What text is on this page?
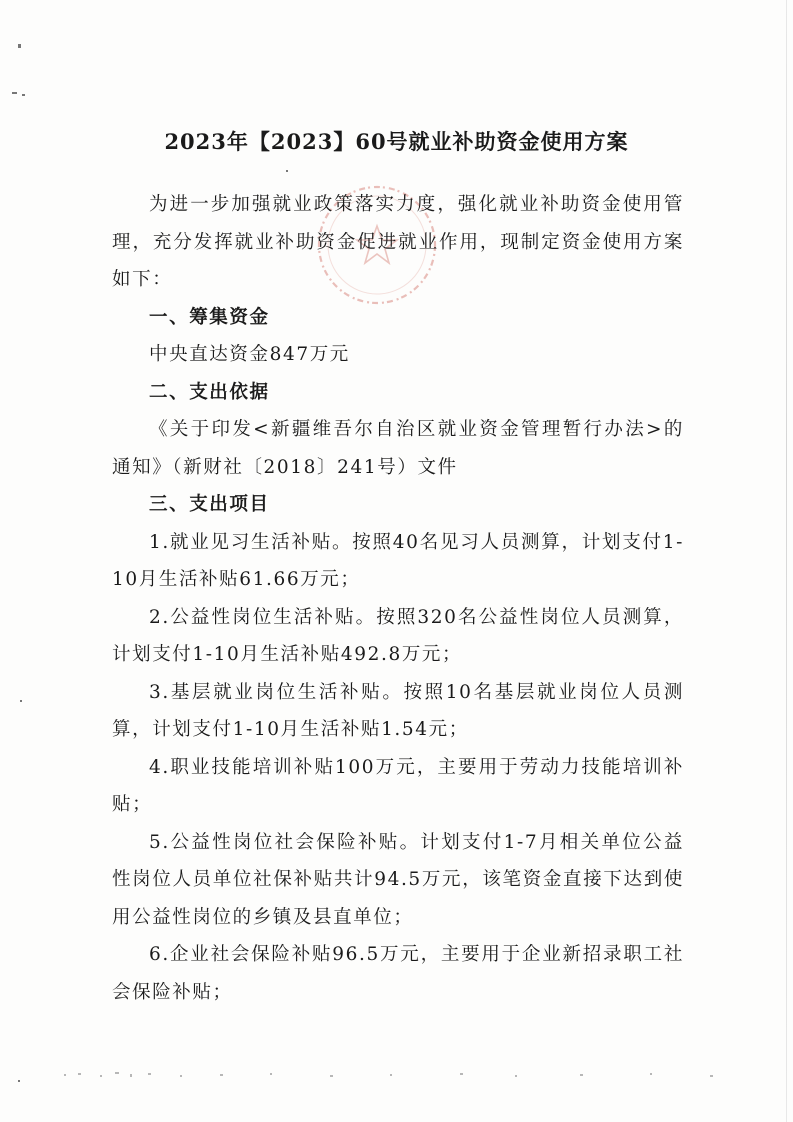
2023年【2023】60号就业补助资金使用方案

为进一步加强就业政策落实力度，强化就业补助资金使用管理，充分发挥就业补助资金促进就业作用，现制定资金使用方案如下：

一、筹集资金

中央直达资金847万元

二、支出依据

《关于印发<新疆维吾尔自治区就业资金管理暂行办法>的通知》（新财社〔2018〕241号）文件

三、支出项目

1.就业见习生活补贴。按照40名见习人员测算，计划支付1-10月生活补贴61.66万元；

2.公益性岗位生活补贴。按照320名公益性岗位人员测算，计划支付1-10月生活补贴492.8万元；

3.基层就业岗位生活补贴。按照10名基层就业岗位人员测算，计划支付1-10月生活补贴1.54元；

4.职业技能培训补贴100万元，主要用于劳动力技能培训补贴；

5.公益性岗位社会保险补贴。计划支付1-7月相关单位公益性岗位人员单位社保补贴共计94.5万元，该笔资金直接下达到使用公益性岗位的乡镇及县直单位；

6.企业社会保险补贴96.5万元，主要用于企业新招录职工社会保险补贴；
